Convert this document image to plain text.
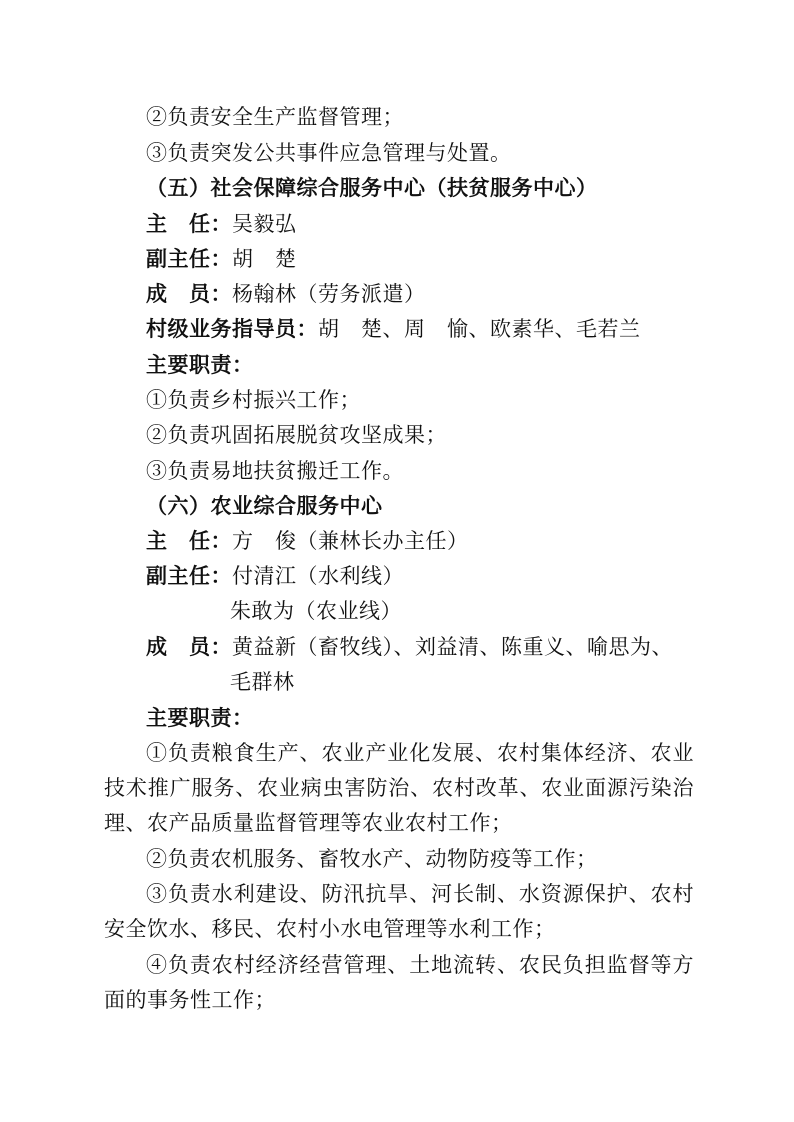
②负责安全生产监督管理；
③负责突发公共事件应急管理与处置。
（五）社会保障综合服务中心（扶贫服务中心）
主　任：吴毅弘
副主任：胡　楚
成　员：杨翰林（劳务派遣）
村级业务指导员：胡　楚、周　愉、欧素华、毛若兰
主要职责：
①负责乡村振兴工作；
②负责巩固拓展脱贫攻坚成果；
③负责易地扶贫搬迁工作。
（六）农业综合服务中心
主　任：方　俊（兼林长办主任）
副主任：付清江（水利线）
朱敢为（农业线）
成　员：黄益新（畜牧线）、刘益清、陈重义、喻思为、
毛群林
主要职责：
①负责粮食生产、农业产业化发展、农村集体经济、农业
技术推广服务、农业病虫害防治、农村改革、农业面源污染治
理、农产品质量监督管理等农业农村工作；
②负责农机服务、畜牧水产、动物防疫等工作；
③负责水利建设、防汛抗旱、河长制、水资源保护、农村
安全饮水、移民、农村小水电管理等水利工作；
④负责农村经济经营管理、土地流转、农民负担监督等方
面的事务性工作；
